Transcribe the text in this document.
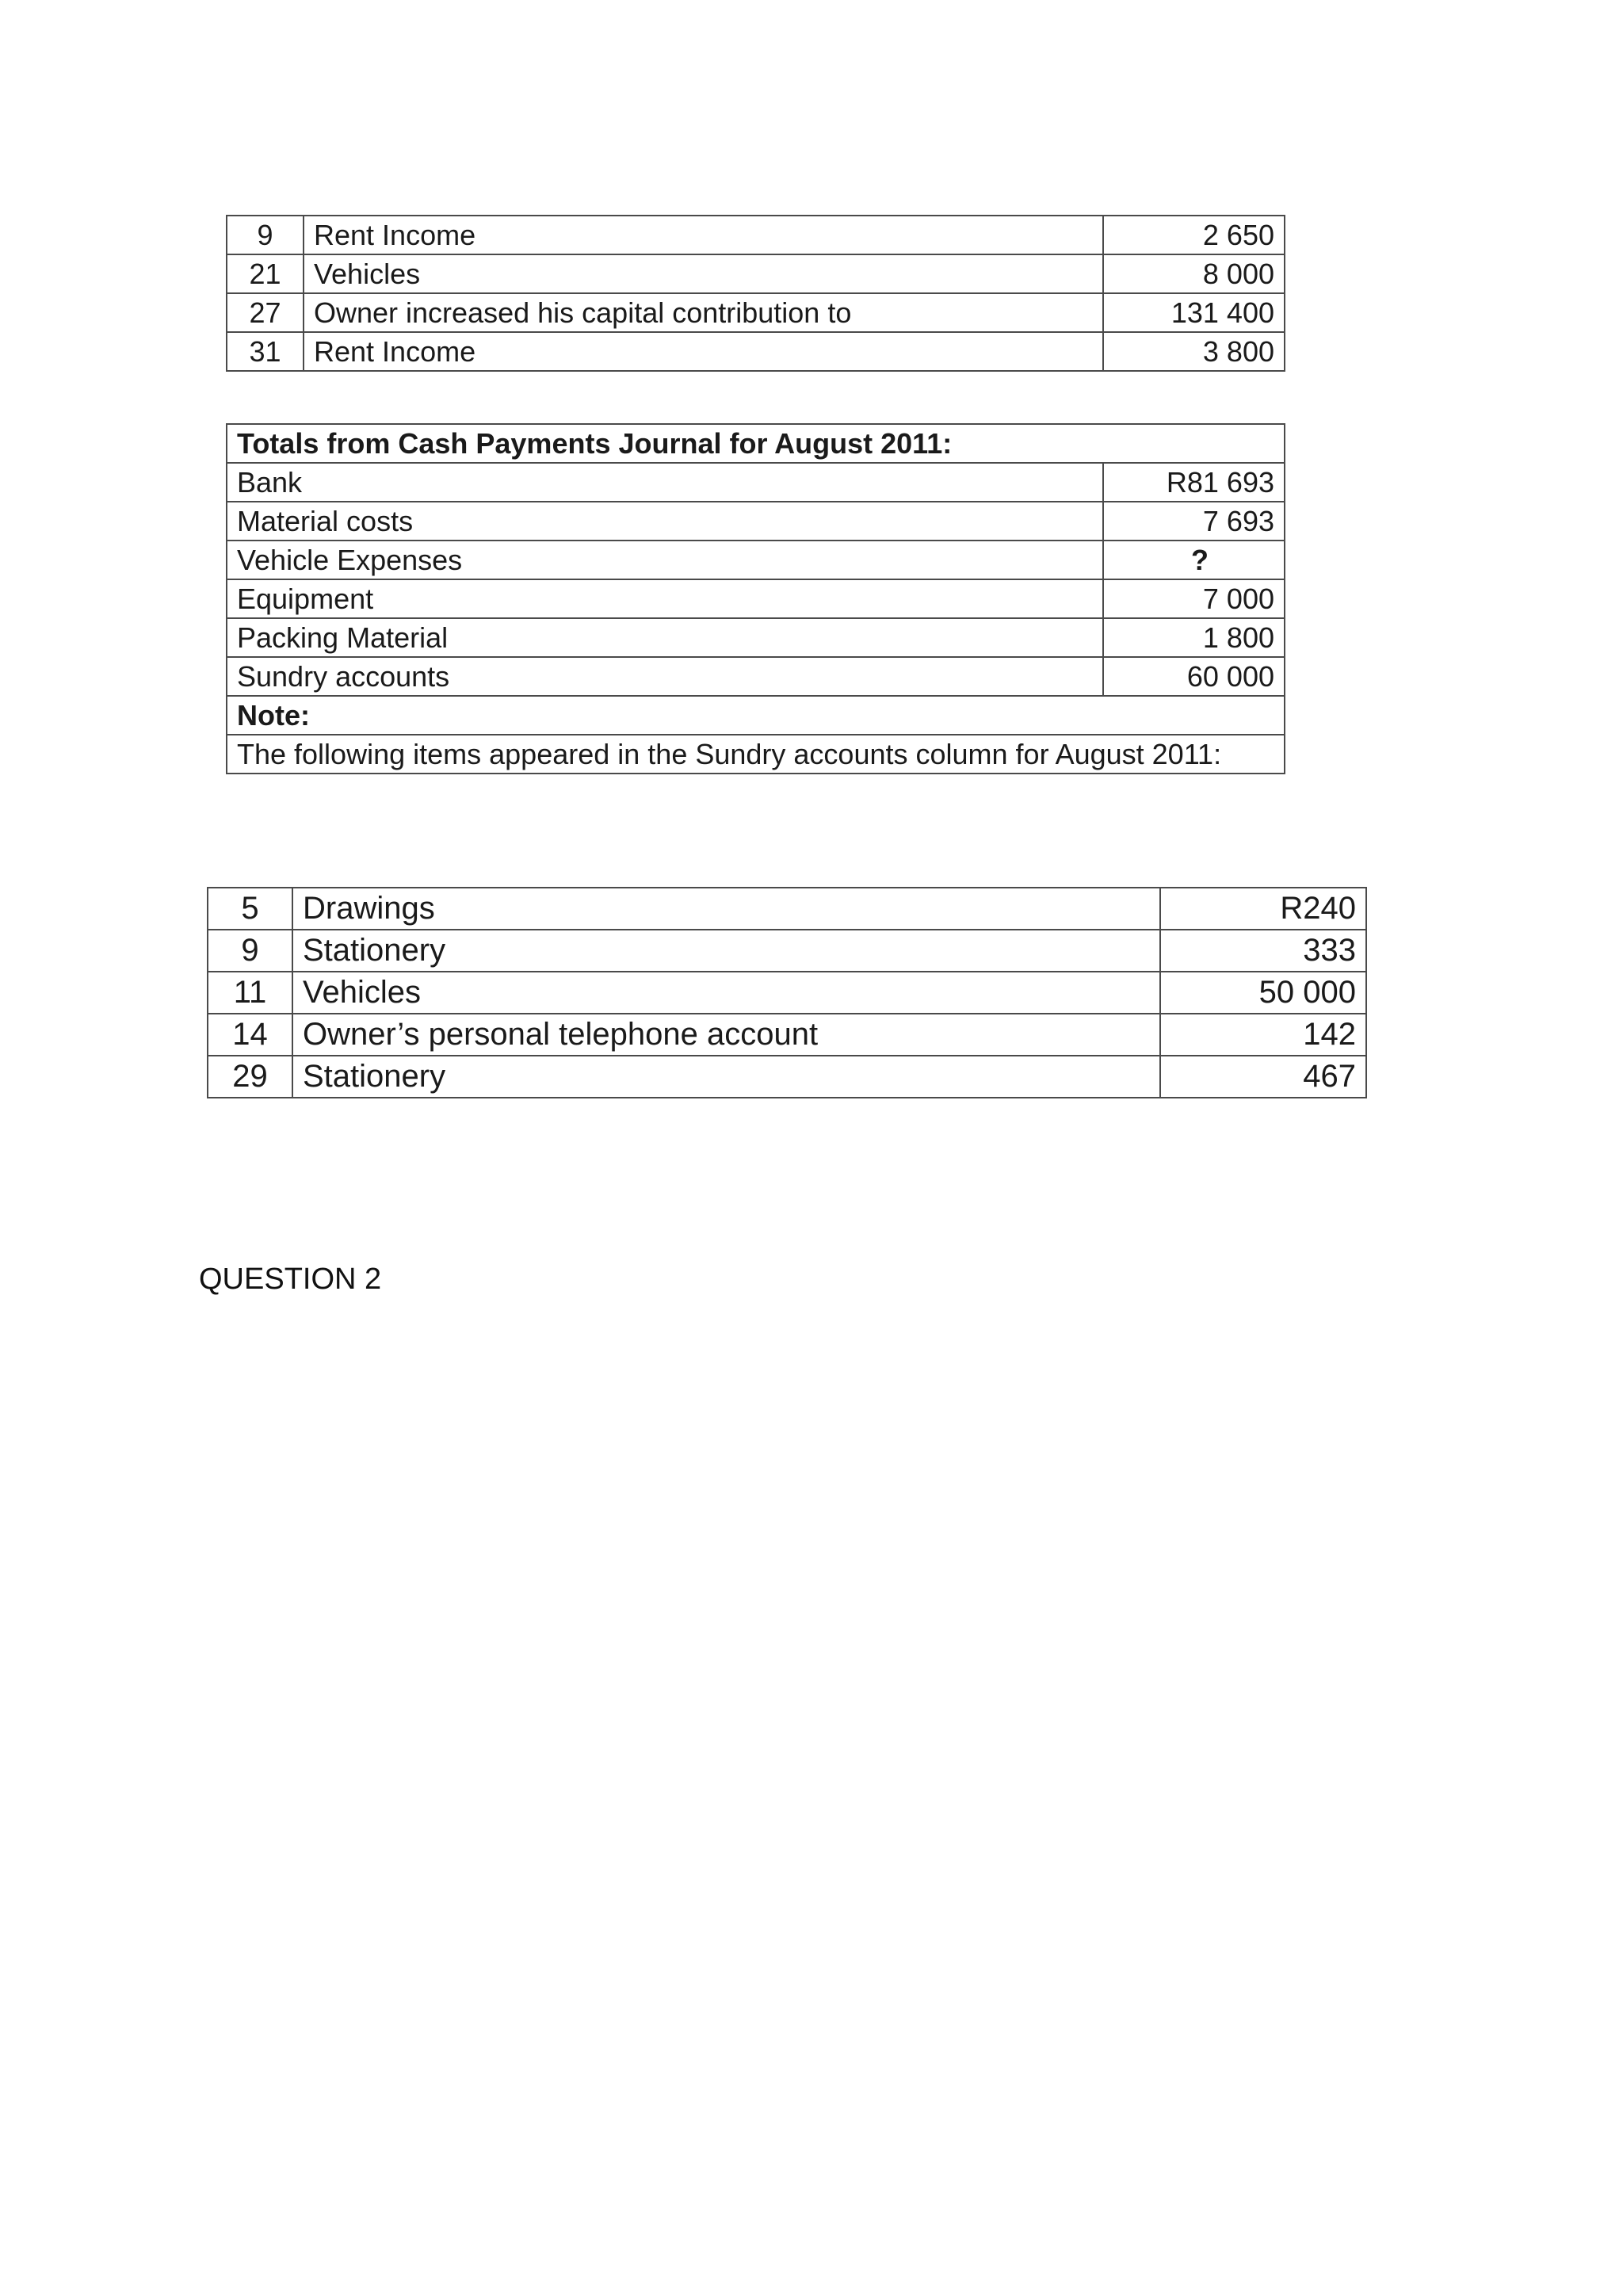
9	Rent Income	2 650
21	Vehicles	8 000
27	Owner increased his capital contribution to	131 400
31	Rent Income	3 800
Totals from Cash Payments Journal for August 2011:	
Bank	R81 693
Material costs	7 693
Vehicle Expenses	?
Equipment	7 000
Packing Material	1 800
Sundry accounts	60 000
Note:	
The following items appeared in the Sundry accounts column for August 2011:	
5	Drawings	R240
9	Stationery	333
11	Vehicles	50 000
14	Owner’s personal telephone account	142
29	Stationery	467
QUESTION 2
